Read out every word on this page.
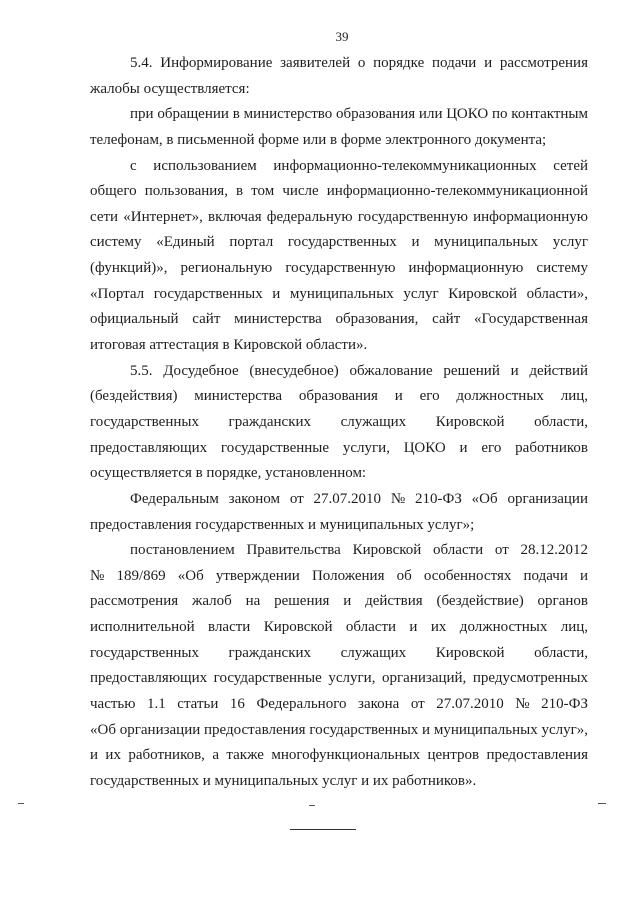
39
5.4. Информирование заявителей о порядке подачи и рассмотрения
жалобы осуществляется:
при обращении в министерство образования или ЦОКО по контактным
телефонам, в письменной форме или в форме электронного документа;
с использованием информационно-телекоммуникационных сетей
общего пользования, в том числе информационно-телекоммуникационной
сети «Интернет», включая федеральную государственную информационную
систему «Единый портал государственных и муниципальных услуг
(функций)», региональную государственную информационную систему
«Портал государственных и муниципальных услуг Кировской области»,
официальный сайт министерства образования, сайт «Государственная
итоговая аттестация в Кировской области».
5.5. Досудебное (внесудебное) обжалование решений и действий
(бездействия) министерства образования и его должностных лиц,
государственных гражданских служащих Кировской области,
предоставляющих государственные услуги, ЦОКО и его работников
осуществляется в порядке, установленном:
Федеральным законом от 27.07.2010 № 210-ФЗ «Об организации
предоставления государственных и муниципальных услуг»;
постановлением Правительства Кировской области от 28.12.2012
№ 189/869 «Об утверждении Положения об особенностях подачи и
рассмотрения жалоб на решения и действия (бездействие) органов
исполнительной власти Кировской области и их должностных лиц,
государственных гражданских служащих Кировской области,
предоставляющих государственные услуги, организаций, предусмотренных
частью 1.1 статьи 16 Федерального закона от 27.07.2010 № 210-ФЗ
«Об организации предоставления государственных и муниципальных услуг»,
и их работников, а также многофункциональных центров предоставления
государственных и муниципальных услуг и их работников».
